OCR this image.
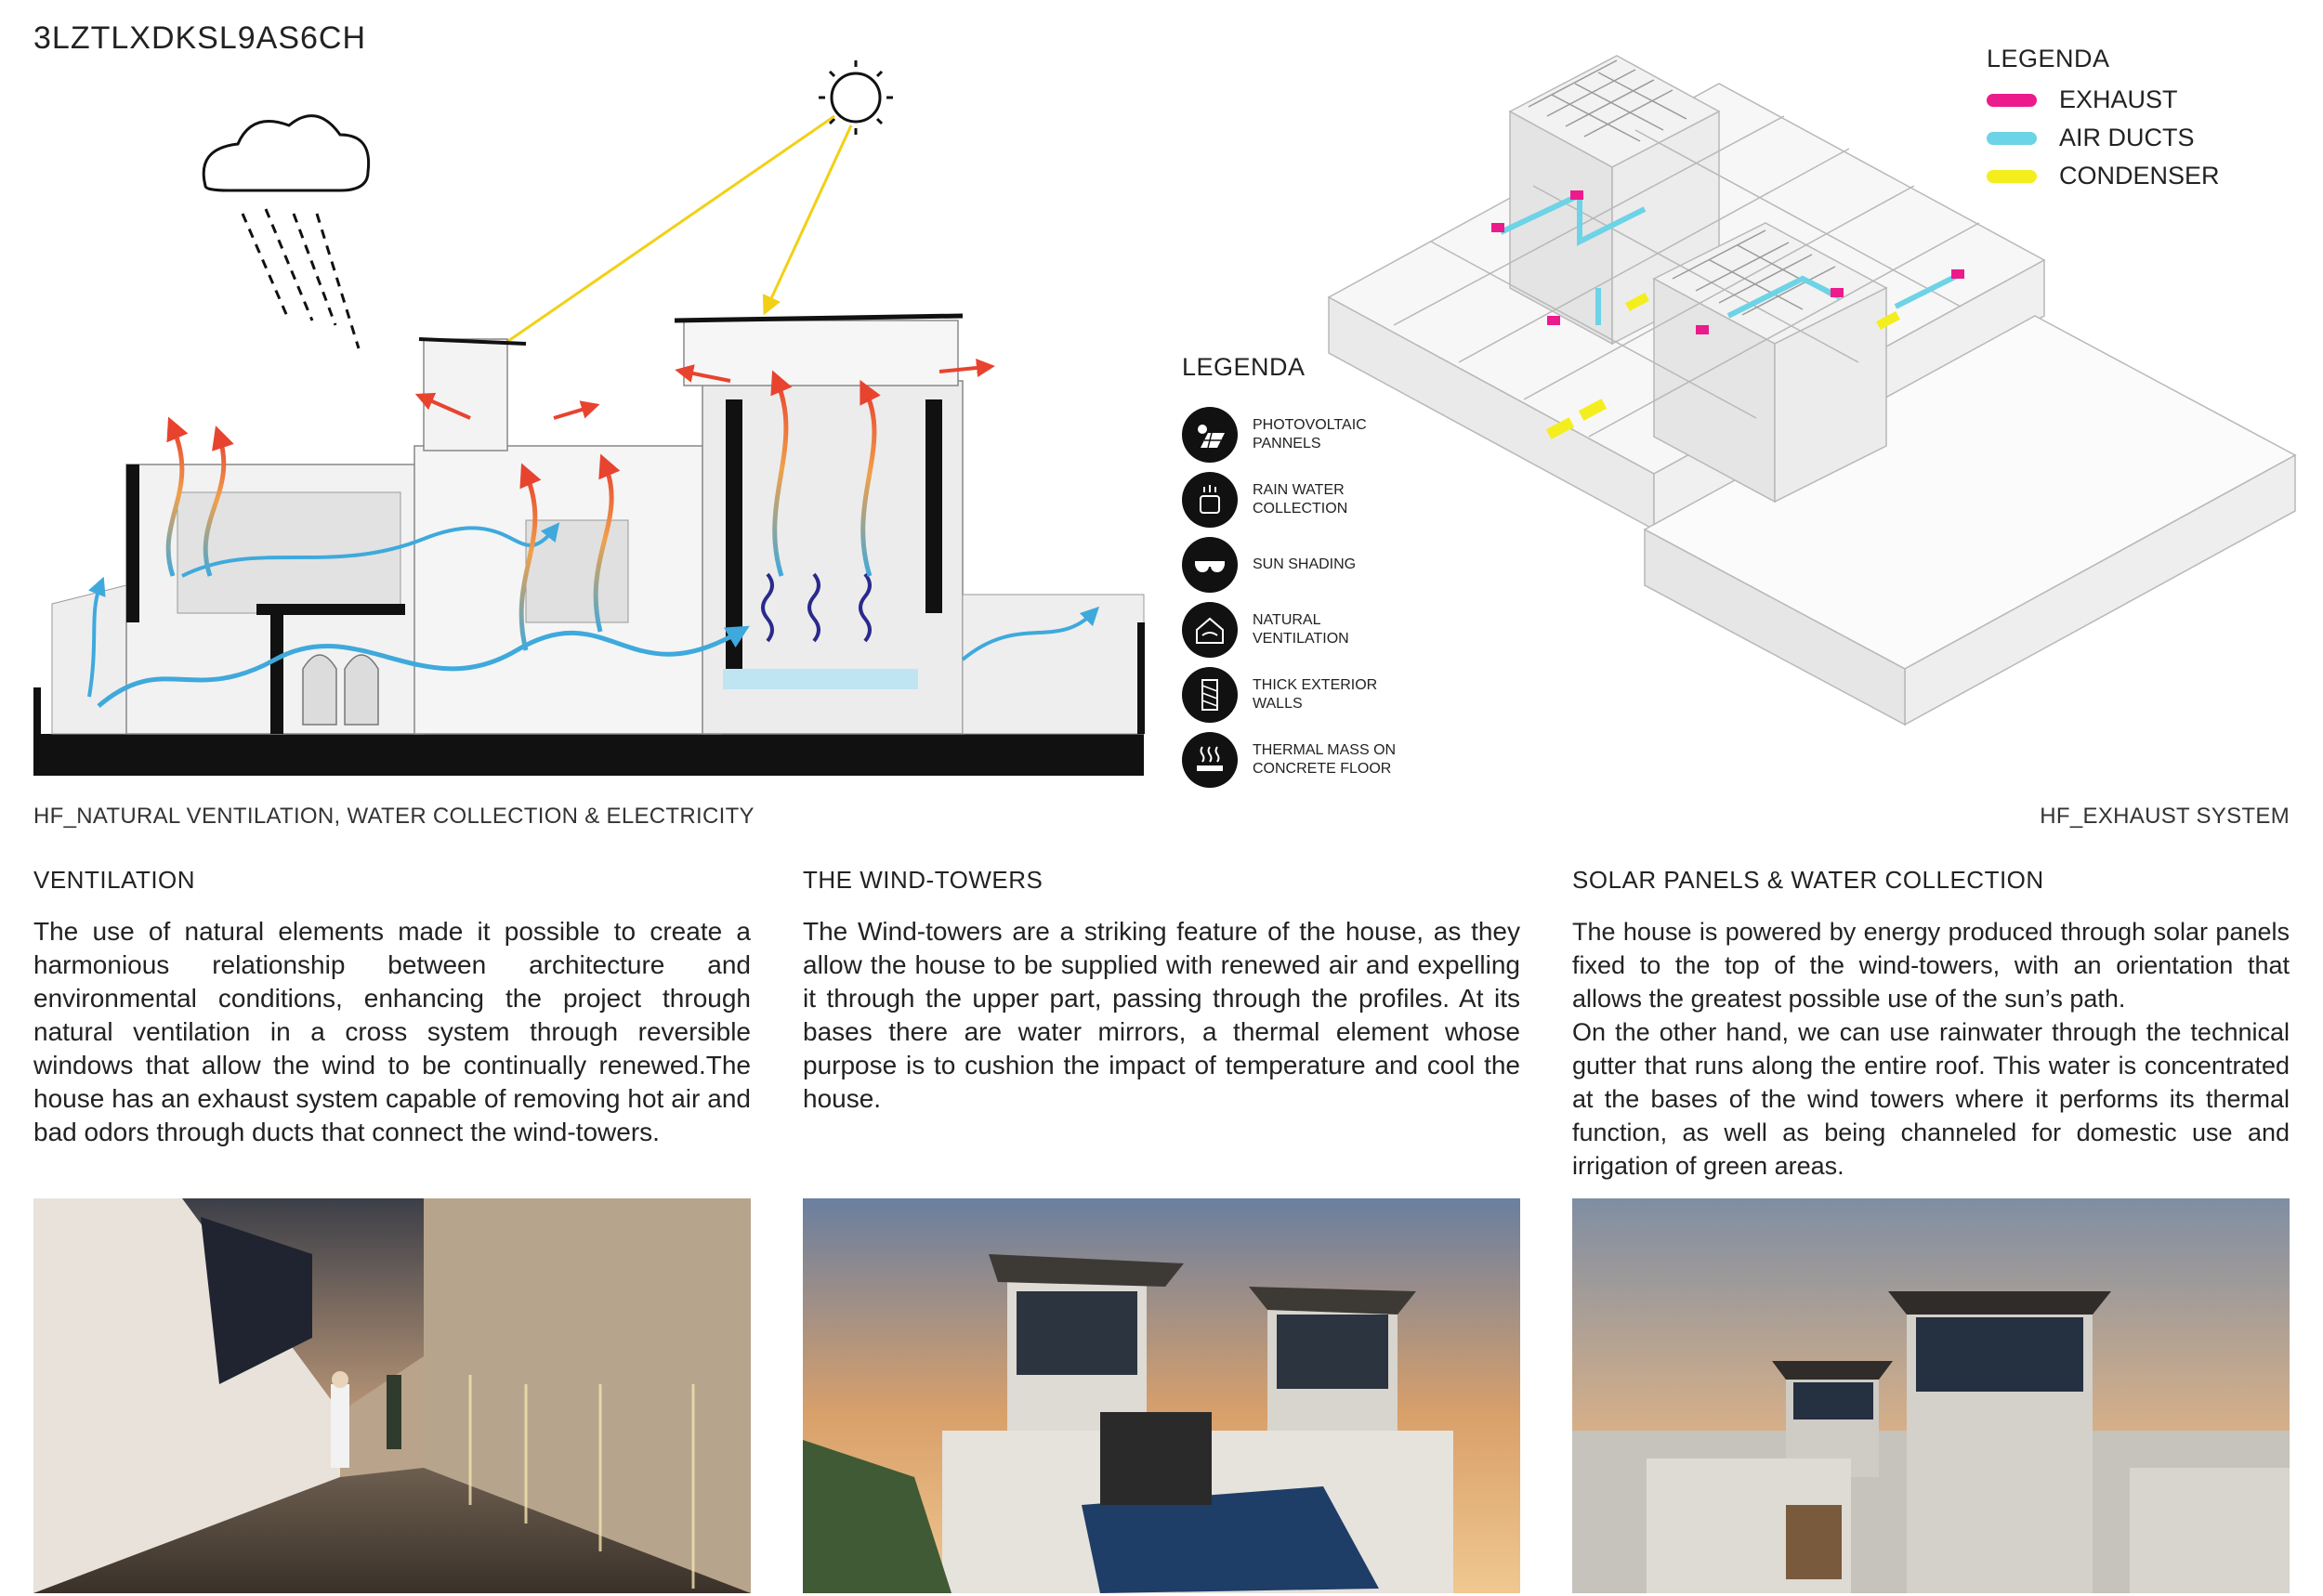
3LZTLXDKSL9AS6CH
HF_NATURAL VENTILATION, WATER COLLECTION & ELECTRICITY
LEGENDA
PHOTOVOLTAIC PANNELS
RAIN WATER COLLECTION
SUN SHADING
NATURAL VENTILATION
THICK EXTERIOR WALLS
THERMAL MASS ON CONCRETE FLOOR
LEGENDA
EXHAUST
AIR DUCTS
CONDENSER
HF_EXHAUST SYSTEM
VENTILATION

The use of natural elements made it possible to create a harmonious relationship between architecture and environmental conditions, enhancing the project through natural ventilation in a cross system through reversible windows that allow the wind to be continually renewed.The house has an exhaust system capable of removing hot air and bad odors through ducts that connect the wind-towers.

THE WIND-TOWERS

The Wind-towers are a striking feature of the house, as they allow the house to be supplied with renewed air and expelling it through the upper part, passing through the profiles. At its bases there are water mirrors, a thermal element whose purpose is to cushion the impact of temperature and cool the house.

SOLAR PANELS & WATER COLLECTION

The house is powered by energy produced through solar panels fixed to the top of the wind-towers, with an orientation that allows the greatest possible use of the sun’s path.

On the other hand, we can use rainwater through the technical gutter that runs along the entire roof. This water is concentrated at the bases of the wind towers where it performs its thermal function, as well as being channeled for domestic use and irrigation of green areas.
